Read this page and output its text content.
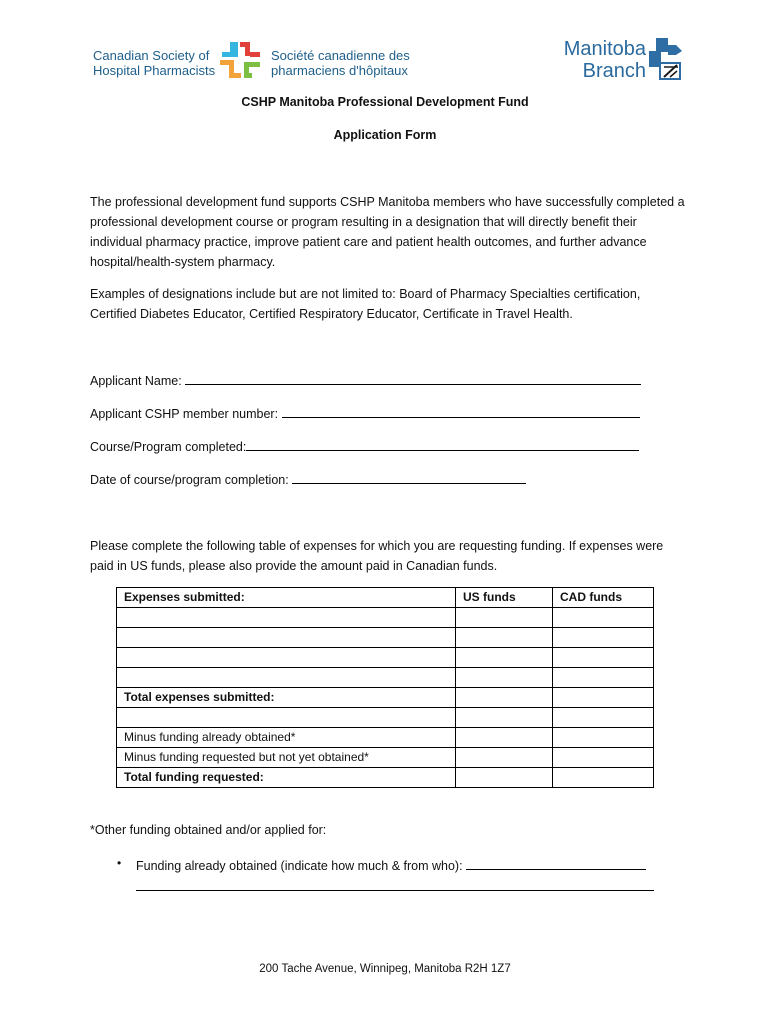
Canadian Society of
Hospital Pharmacists
Société canadienne des
pharmaciens d'hôpitaux
Manitoba
Branch
CSHP Manitoba Professional Development Fund
Application Form

The professional development fund supports CSHP Manitoba members who have successfully completed a professional development course or program resulting in a designation that will directly benefit their individual pharmacy practice, improve patient care and patient health outcomes, and further advance hospital/health-system pharmacy.

Examples of designations include but are not limited to: Board of Pharmacy Specialties certification, Certified Diabetes Educator, Certified Respiratory Educator, Certificate in Travel Health.

Applicant Name:
Applicant CSHP member number:
Course/Program completed:
Date of course/program completion:

Please complete the following table of expenses for which you are requesting funding. If expenses were paid in US funds, please also provide the amount paid in Canadian funds.

Expenses submitted:	US funds	CAD funds

Total expenses submitted:		

Minus funding already obtained*		
Minus funding requested but not yet obtained*		
Total funding requested:		
*Other funding obtained and/or applied for:
• Funding already obtained (indicate how much & from who):
200 Tache Avenue, Winnipeg, Manitoba R2H 1Z7
